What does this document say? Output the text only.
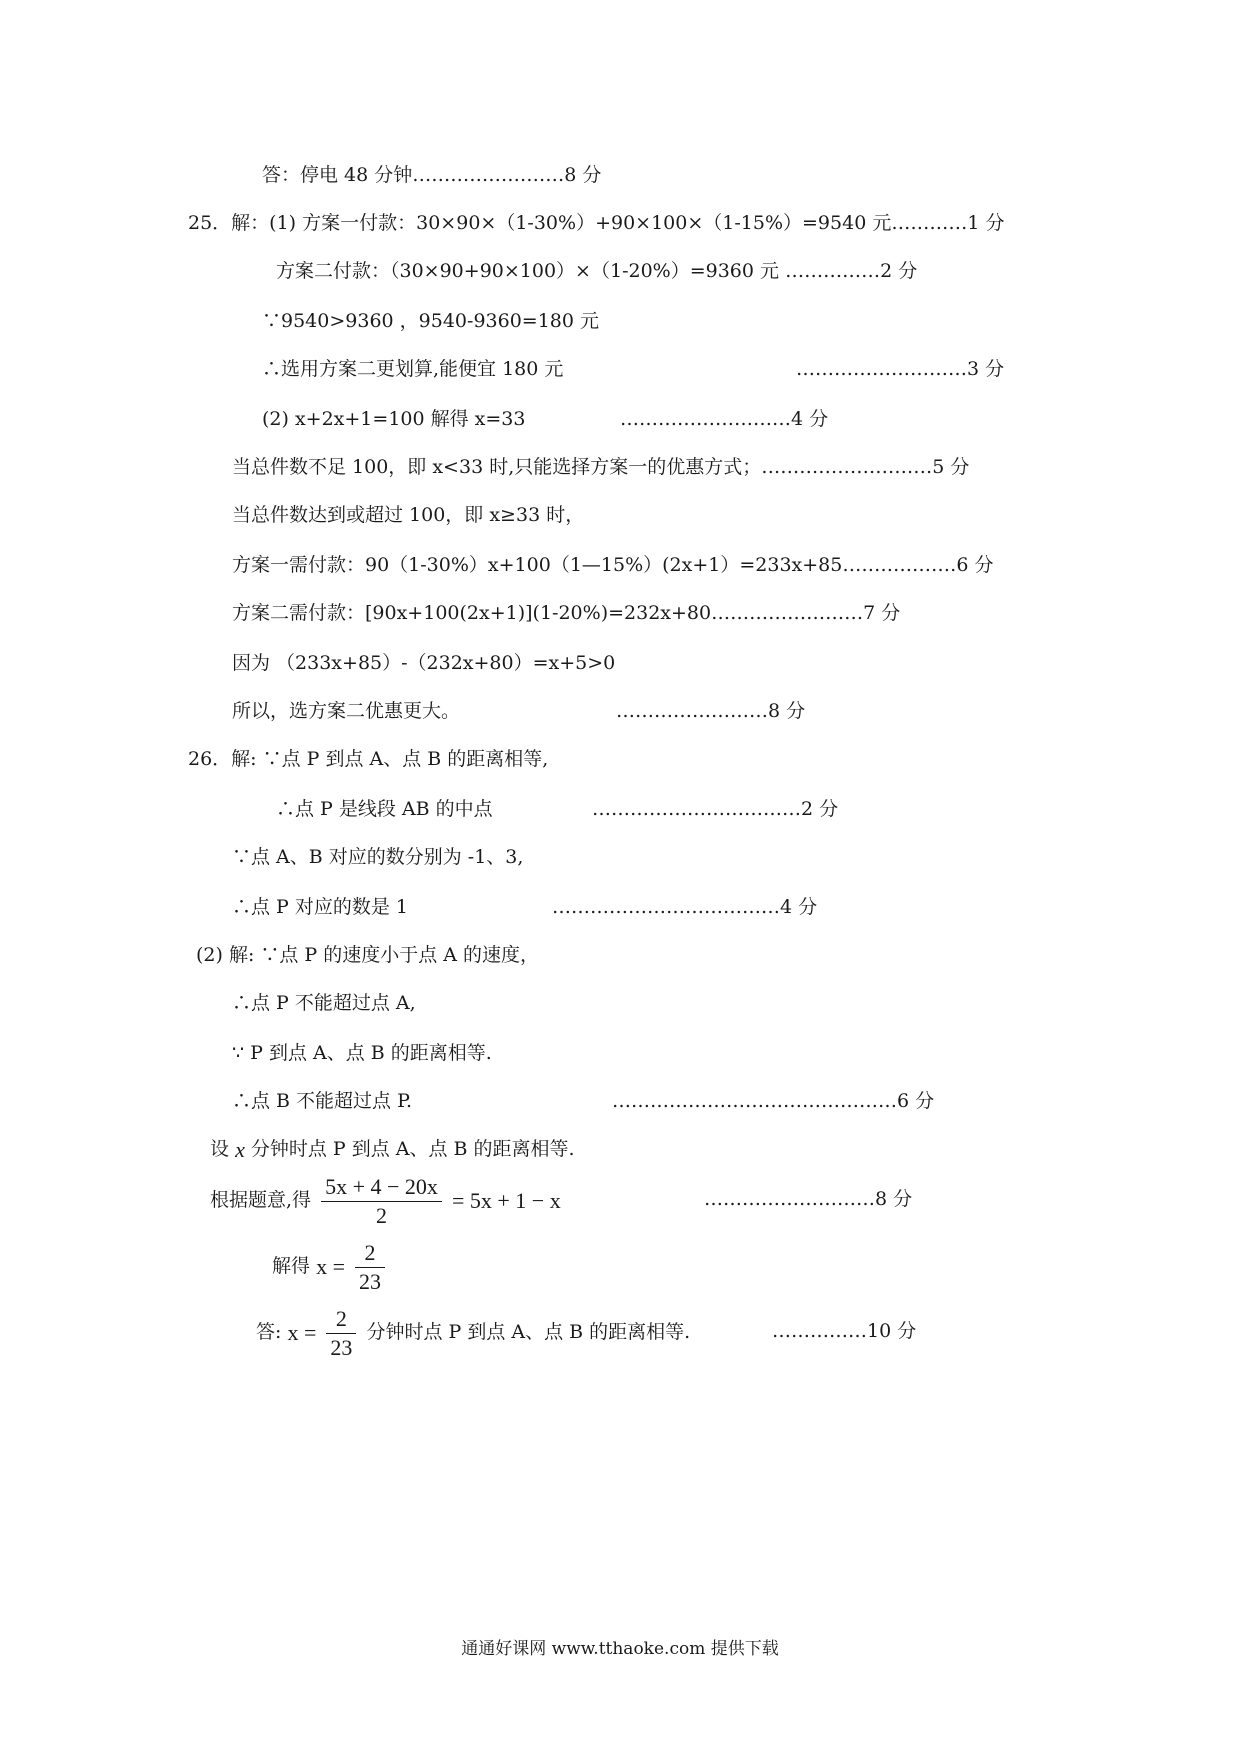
答：停电 48 分钟……………………8 分
25．解：(1) 方案一付款：30×90×（1-30%）+90×100×（1-15%）=9540 元…………1 分
方案二付款：（30×90+90×100）×（1-20%）=9360 元 ……………2 分
∵9540>9360 ，9540-9360=180 元
∴选用方案二更划算,能便宜 180 元	………………………3 分
(2) x+2x+1=100 解得 x=33	………………………4 分
当总件数不足 100，即 x<33 时,只能选择方案一的优惠方式；………………………5 分
当总件数达到或超过 100，即 x≥33 时，
方案一需付款：90（1-30%）x+100（1—15%）(2x+1）=233x+85………………6 分
方案二需付款：[90x+100(2x+1)](1-20%)=232x+80……………………7 分
因为 （233x+85）-（232x+80）=x+5>0
所以，选方案二优惠更大。	……………………8 分
26．解: ∵点 P 到点 A、点 B 的距离相等,
∴点 P 是线段 AB 的中点	……………………………2 分
∵点 A、B 对应的数分别为 -1、3,
∴点 P 对应的数是 1	………………………………4 分
(2) 解: ∵点 P 的速度小于点 A 的速度，
∴点 P 不能超过点 A,
∵ P 到点 A、点 B 的距离相等.
∴点 B 不能超过点 P.	………………………………………6 分
设 x 分钟时点 P 到点 A、点 B 的距离相等.
根据题意,得 $\frac{5x + 4 - 20x}{2} = 5x + 1 - x$	………………………8 分
解得 $x = \frac{2}{23}$
答: $x = \frac{2}{23}$ 分钟时点 P 到点 A、点 B 的距离相等.	……………10 分
通通好课网 www.tthaoke.com 提供下载
